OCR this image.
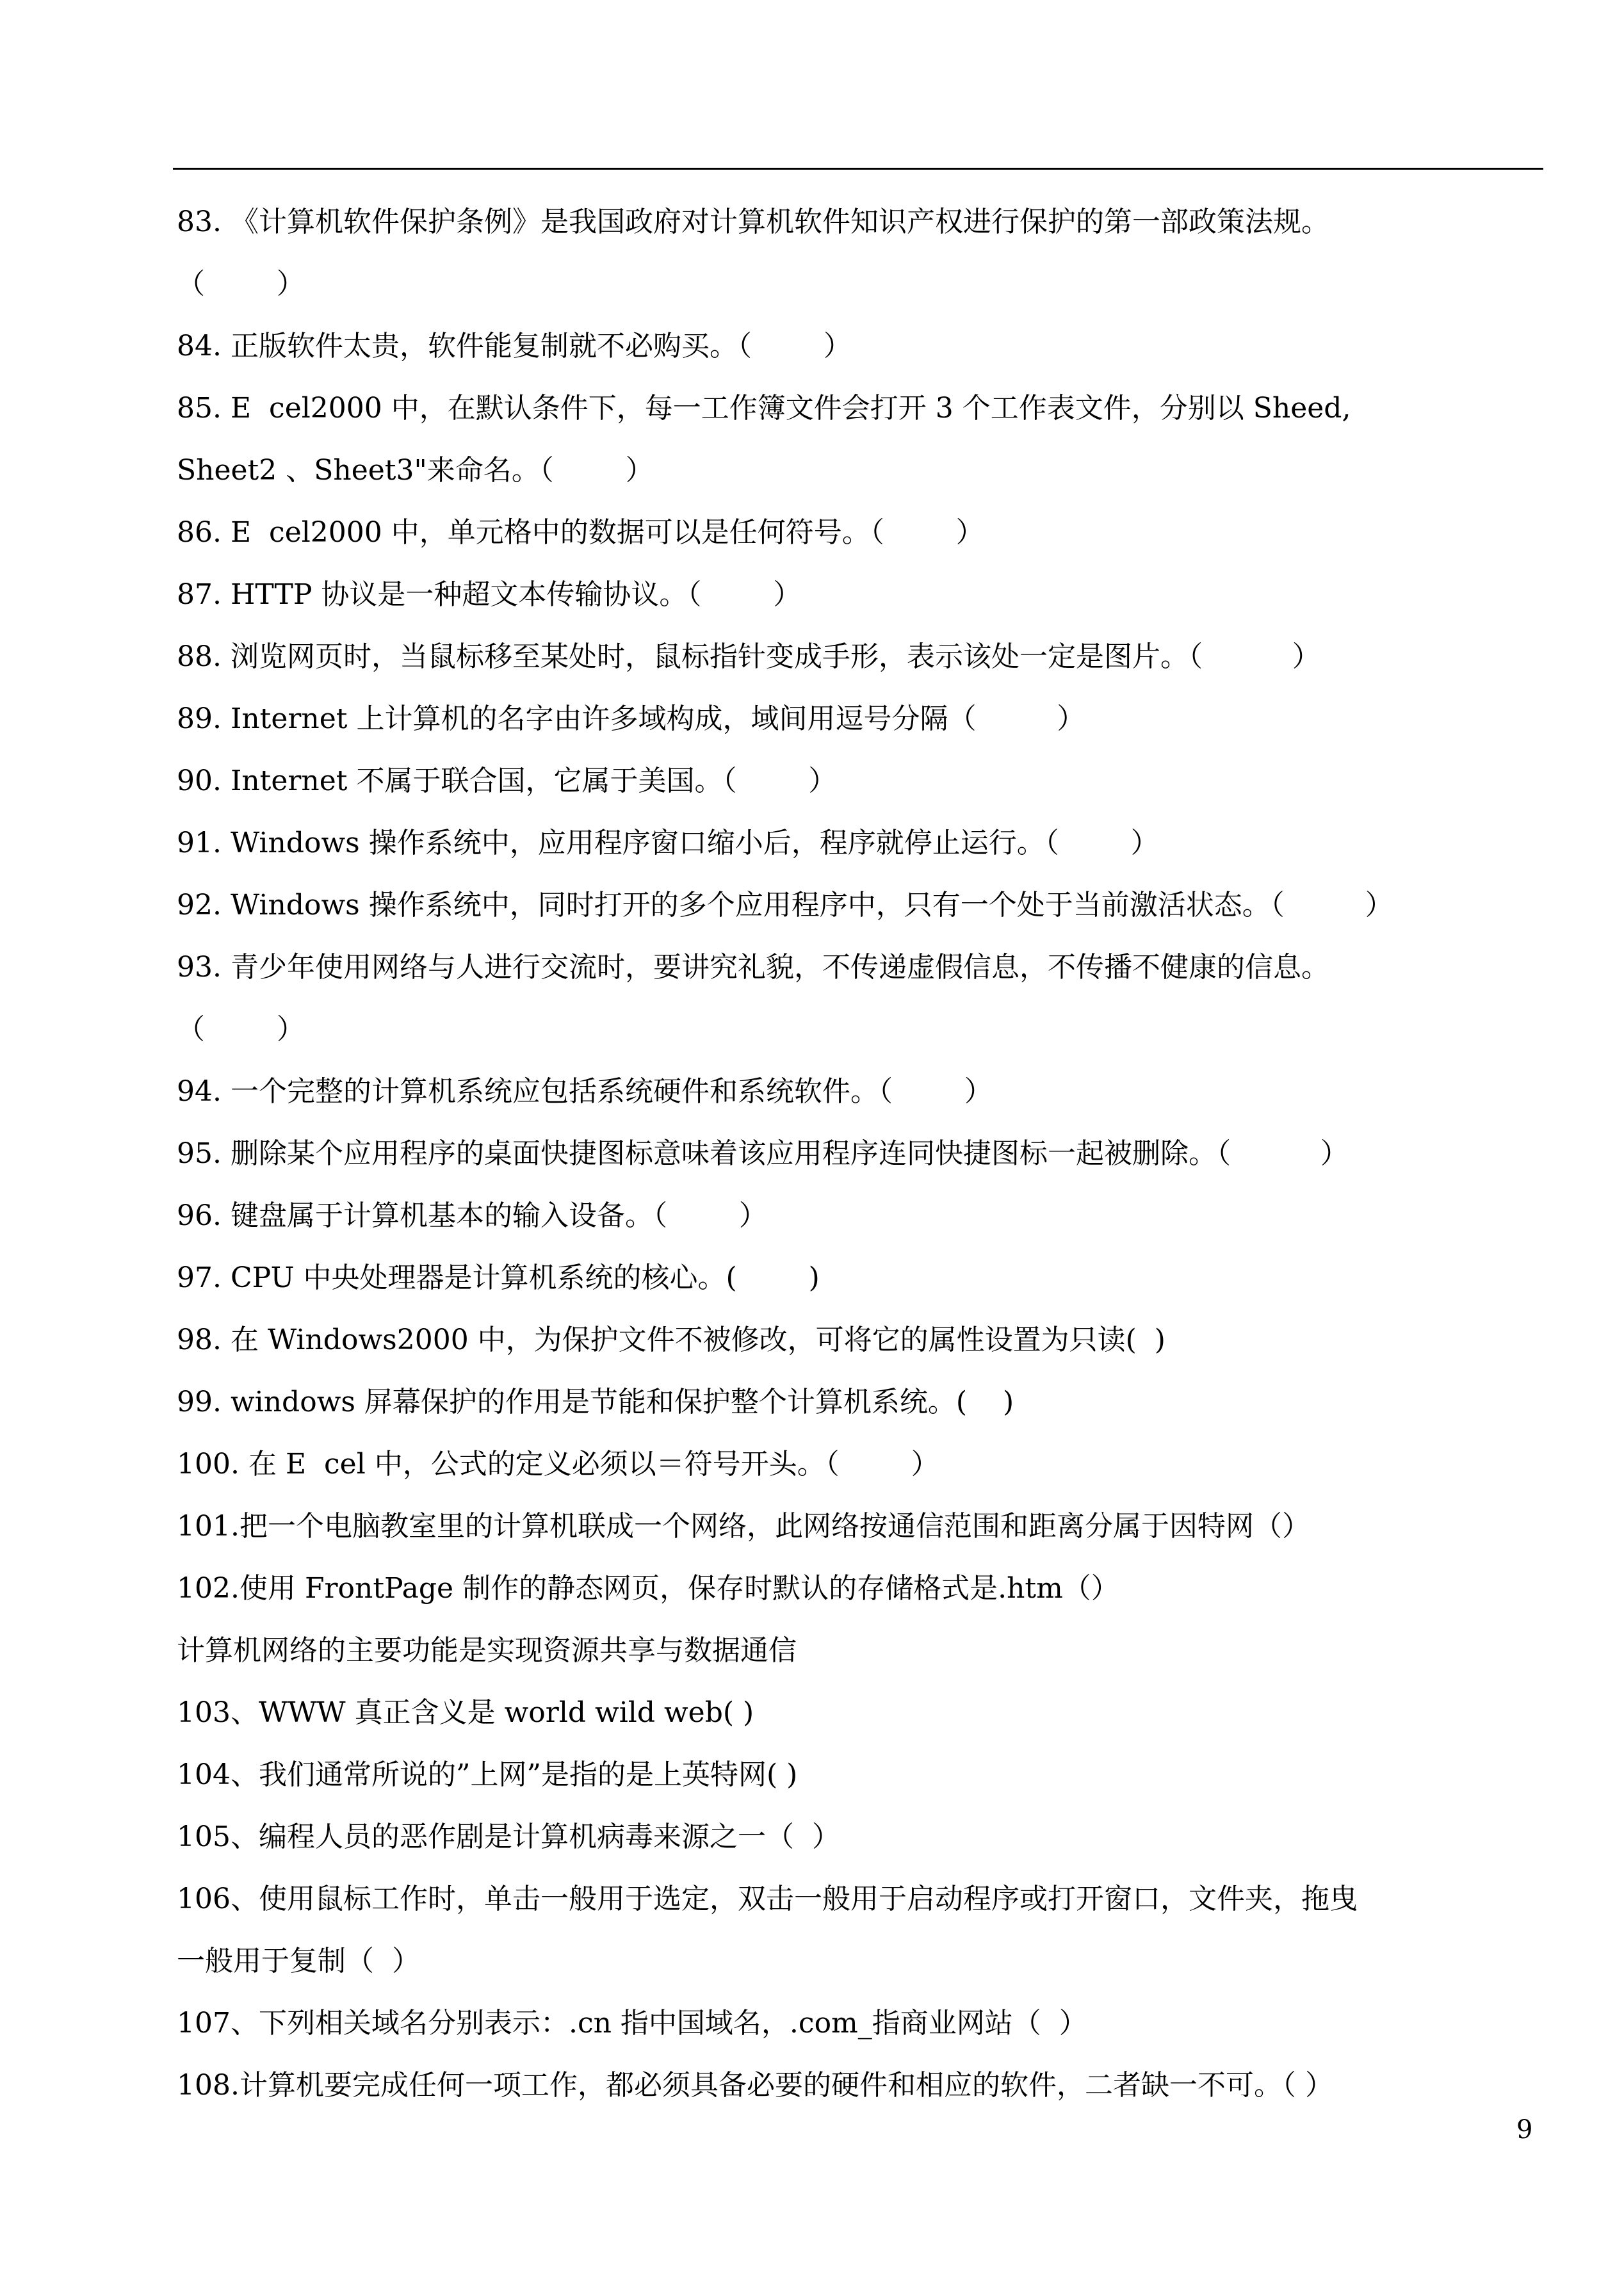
83. 《计算机软件保护条例》是我国政府对计算机软件知识产权进行保护的第一部政策法规。
（        ）
84. 正版软件太贵，软件能复制就不必购买。（        ）
85. E  cel2000 中，在默认条件下，每一工作簿文件会打开 3 个工作表文件，分别以 Sheed,
Sheet2 、Sheet3"来命名。（        ）
86. E  cel2000 中，单元格中的数据可以是任何符号。（        ）
87. HTTP 协议是一种超文本传输协议。（        ）
88. 浏览网页时，当鼠标移至某处时，鼠标指针变成手形，表示该处一定是图片。（          ）
89. Internet 上计算机的名字由许多域构成，域间用逗号分隔（         ）
90. Internet 不属于联合国，它属于美国。（        ）
91. Windows 操作系统中，应用程序窗口缩小后，程序就停止运行。（        ）
92. Windows 操作系统中，同时打开的多个应用程序中，只有一个处于当前激活状态。（         ）
93. 青少年使用网络与人进行交流时，要讲究礼貌，不传递虚假信息，不传播不健康的信息。
（        ）
94. 一个完整的计算机系统应包括系统硬件和系统软件。（        ）
95. 删除某个应用程序的桌面快捷图标意味着该应用程序连同快捷图标一起被删除。（          ）
96. 键盘属于计算机基本的输入设备。（        ）
97. CPU 中央处理器是计算机系统的核心。(        )
98. 在 Windows2000 中，为保护文件不被修改，可将它的属性设置为只读(  )
99. windows 屏幕保护的作用是节能和保护整个计算机系统。(    )
100. 在 E  cel 中，公式的定义必须以＝符号开头。（        ）
101.把一个电脑教室里的计算机联成一个网络，此网络按通信范围和距离分属于因特网（）
102.使用 FrontPage 制作的静态网页，保存时默认的存储格式是.htm（）
计算机网络的主要功能是实现资源共享与数据通信
103、WWW 真正含义是 world wild web( )
104、我们通常所说的”上网”是指的是上英特网( )
105、编程人员的恶作剧是计算机病毒来源之一（  ）
106、使用鼠标工作时，单击一般用于选定，双击一般用于启动程序或打开窗口，文件夹，拖曳
一般用于复制（  ）
107、下列相关域名分别表示：.cn 指中国域名，.com_指商业网站（  ）
108.计算机要完成任何一项工作，都必须具备必要的硬件和相应的软件，二者缺一不可。（ ）
9
